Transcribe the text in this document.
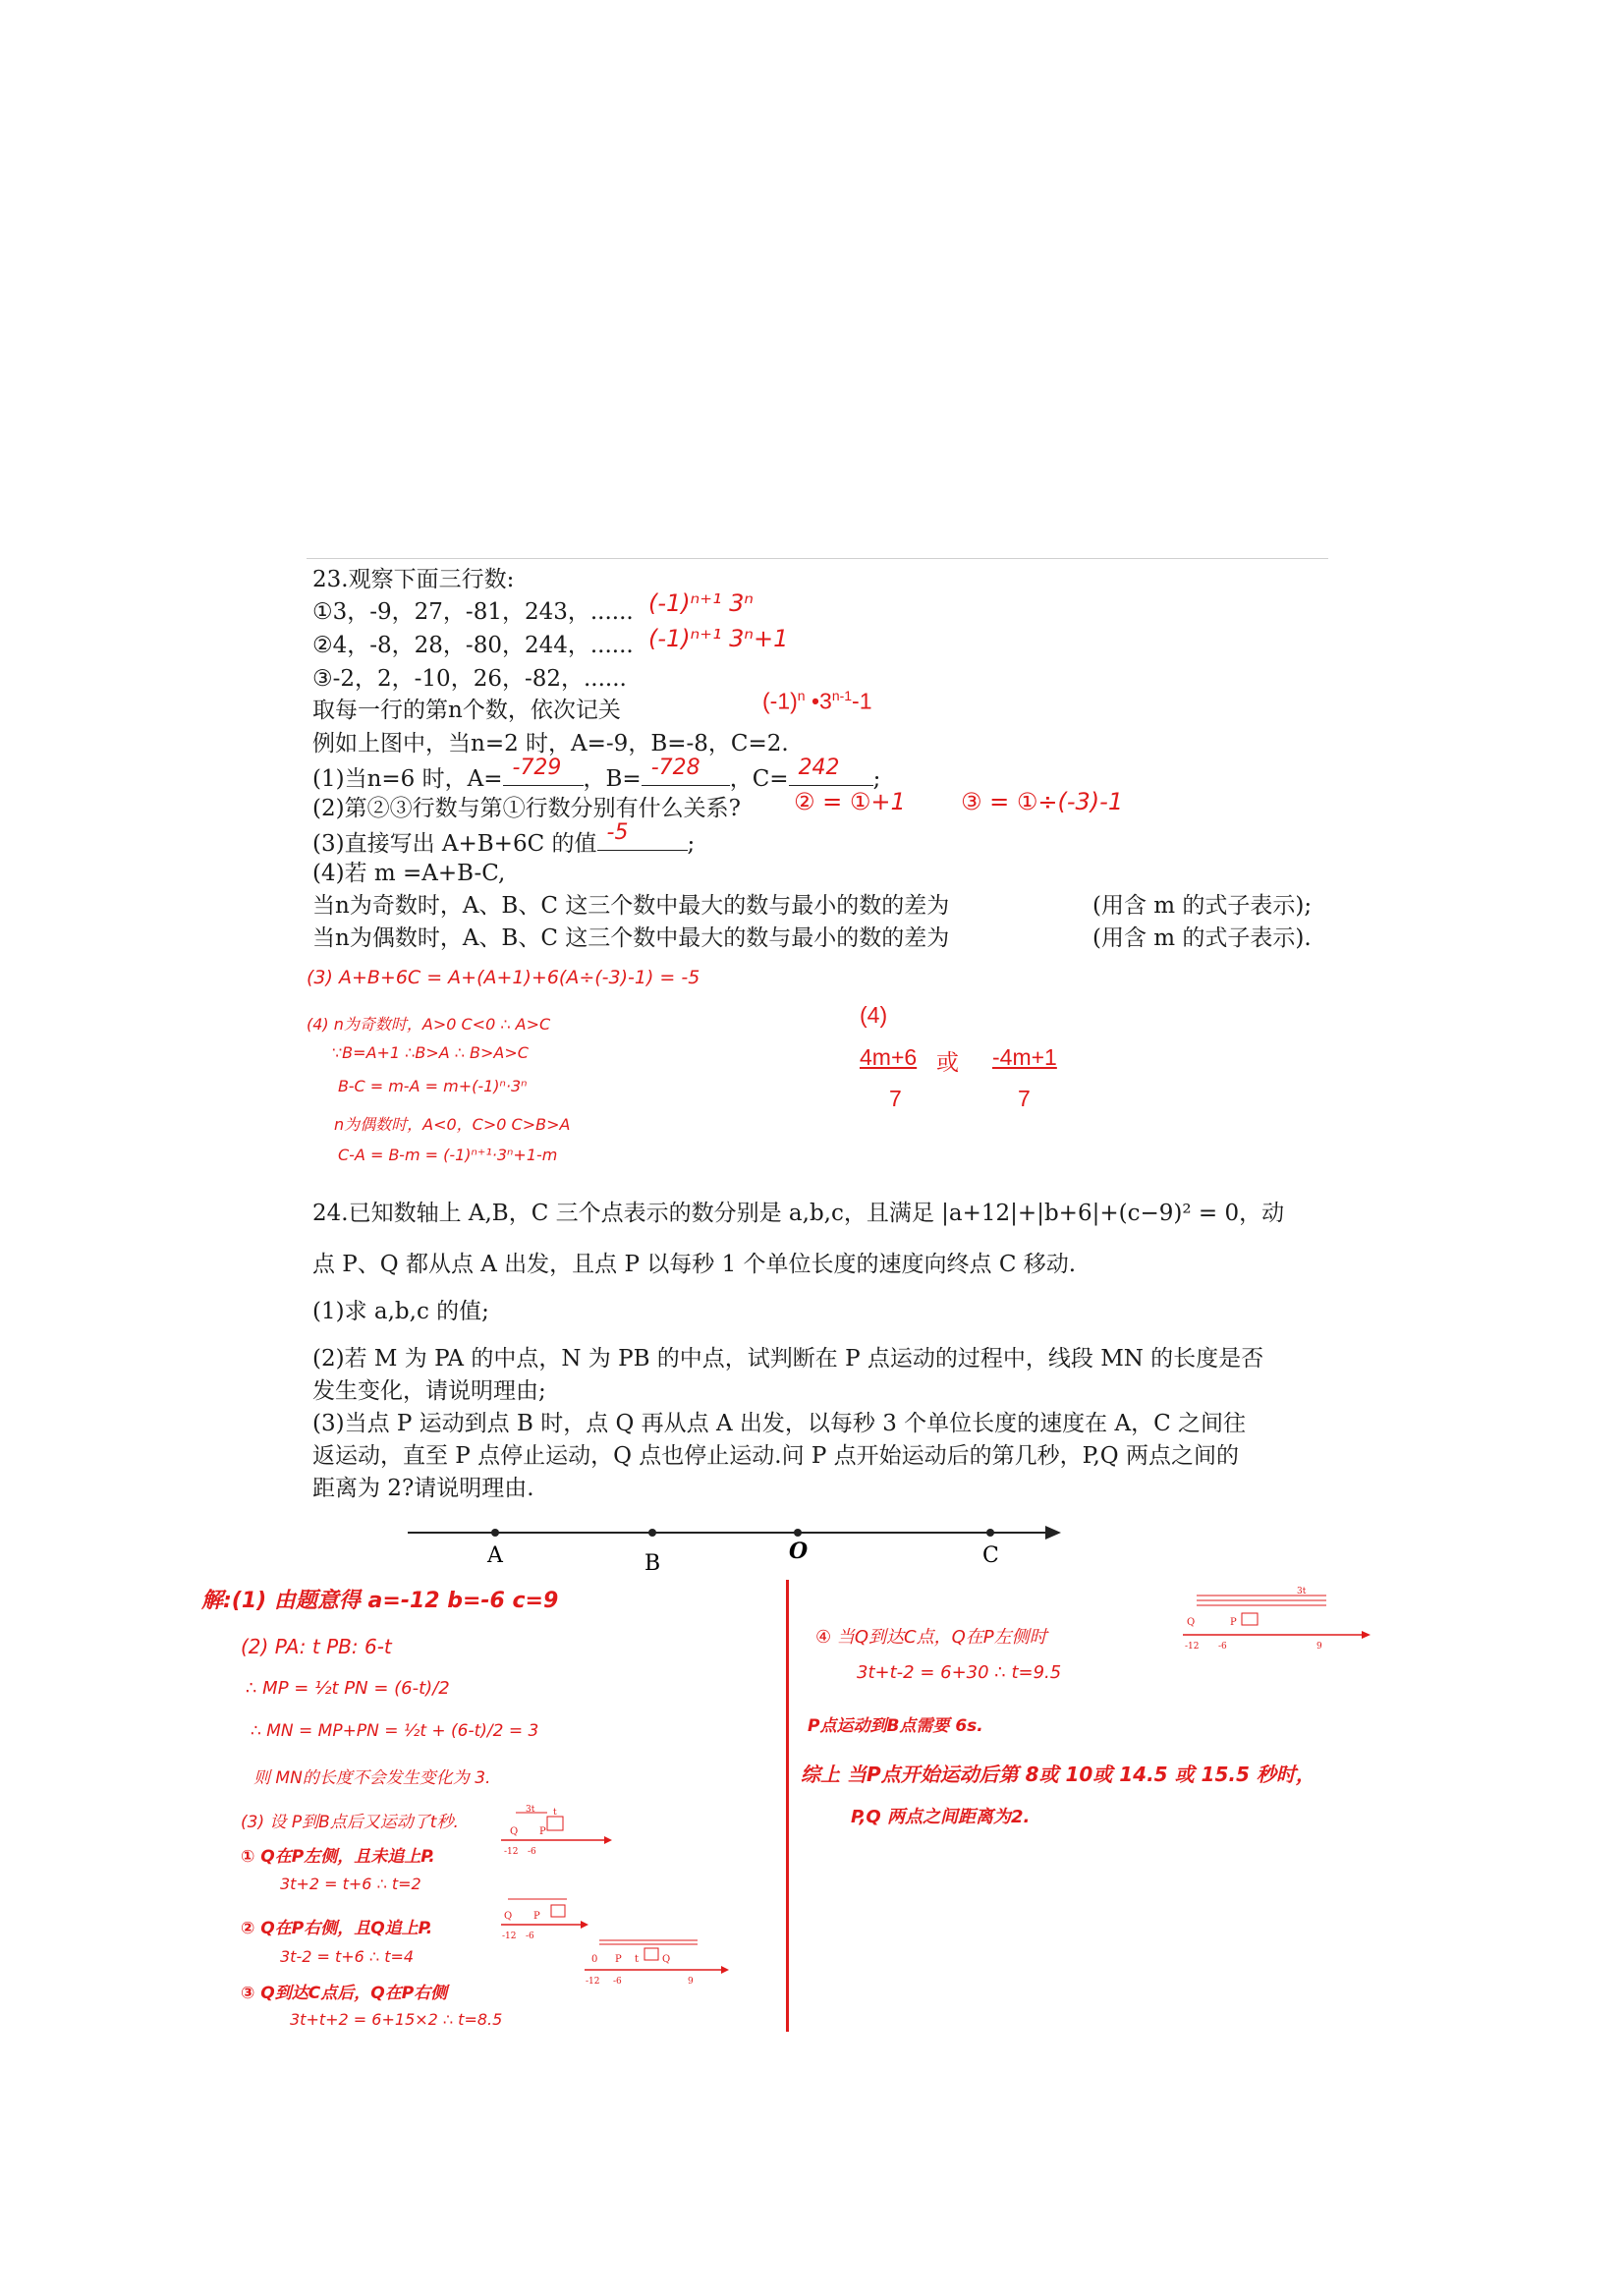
23.观察下面三行数:
①3，-9，27，-81，243，...... (-1)ⁿ⁺¹ 3ⁿ
②4，-8，28，-80，244，...... (-1)ⁿ⁺¹ 3ⁿ+1
③-2，2，-10，26，-82，......
取每一行的第n个数，依次记关	$(-1)^n$ •3$^{n-1}$-1
例如上图中，当n=2 时，A=-9，B=-8，C=2.
(1)当n=6 时，A= -729 ，B= -728 ，C= 242 ;
(2)第②③行数与第①行数分别有什么关系? ② = ①+1 ③ = ①÷(-3)-1
(3)直接写出 A+B+6C 的值 -5	;
(4)若 m =A+B-C,
当n为奇数时，A、B、C 这三个数中最大的数与最小的数的差为	(用含 m 的式子表示);
当n为偶数时，A、B、C 这三个数中最大的数与最小的数的差为	(用含 m 的式子表示).
(3) A+B+6C = A+(A+1)+6(A÷(-3)-1) = -5
(4) n为奇数时，A>0 C<0 ∴ A>C
∵B=A+1 ∴B>A ∴ B>A>C
B-C = m-A = m+(-1)ⁿ·3ⁿ
n为偶数时，A<0，C>0 C>B>A
C-A = B-m = (-1)ⁿ⁺¹·3ⁿ+1-m
(4)
4m+6 或 -4m+1
7	7
24.已知数轴上 A,B，C 三个点表示的数分别是 a,b,c，且满足 |a+12|+|b+6|+(c−9)² = 0，动
点 P、Q 都从点 A 出发，且点 P 以每秒 1 个单位长度的速度向终点 C 移动.
(1)求 a,b,c 的值;
(2)若 M 为 PA 的中点，N 为 PB 的中点，试判断在 P 点运动的过程中，线段 MN 的长度是否
发生变化，请说明理由;
(3)当点 P 运动到点 B 时，点 Q 再从点 A 出发，以每秒 3 个单位长度的速度在 A，C 之间往
返运动，直至 P 点停止运动，Q 点也停止运动.问 P 点开始运动后的第几秒，P,Q 两点之间的
距离为 2?请说明理由.
A	B	O	C
解:(1) 由题意得 a=-12 b=-6 c=9
(2) PA: t PB: 6-t
∴ MP = ½t PN = (6-t)/2
∴ MN = MP+PN = ½t + (6-t)/2 = 3
则 MN的长度不会发生变化为 3.
(3) 设 P到B点后又运动了t秒.
① Q在P左侧，且未追上P.
3t+2 = t+6 ∴ t=2
② Q在P右侧，且Q追上P.
3t-2 = t+6 ∴ t=4
③ Q到达C点后，Q在P右侧
3t+t+2 = 6+15×2 ∴ t=8.5
Q P
3t t
-12 -6
Q P
-12 -6
0 P t Q
-12 -6	9
④ 当Q到达C点，Q在P左侧时
3t+t-2 = 6+30 ∴ t=9.5
P点运动到B点需要 6s.
综上 当P点开始运动后第 8或 10或 14.5 或 15.5 秒时，
P,Q 两点之间距离为2.
Q	P
3t
-12 -6	9
